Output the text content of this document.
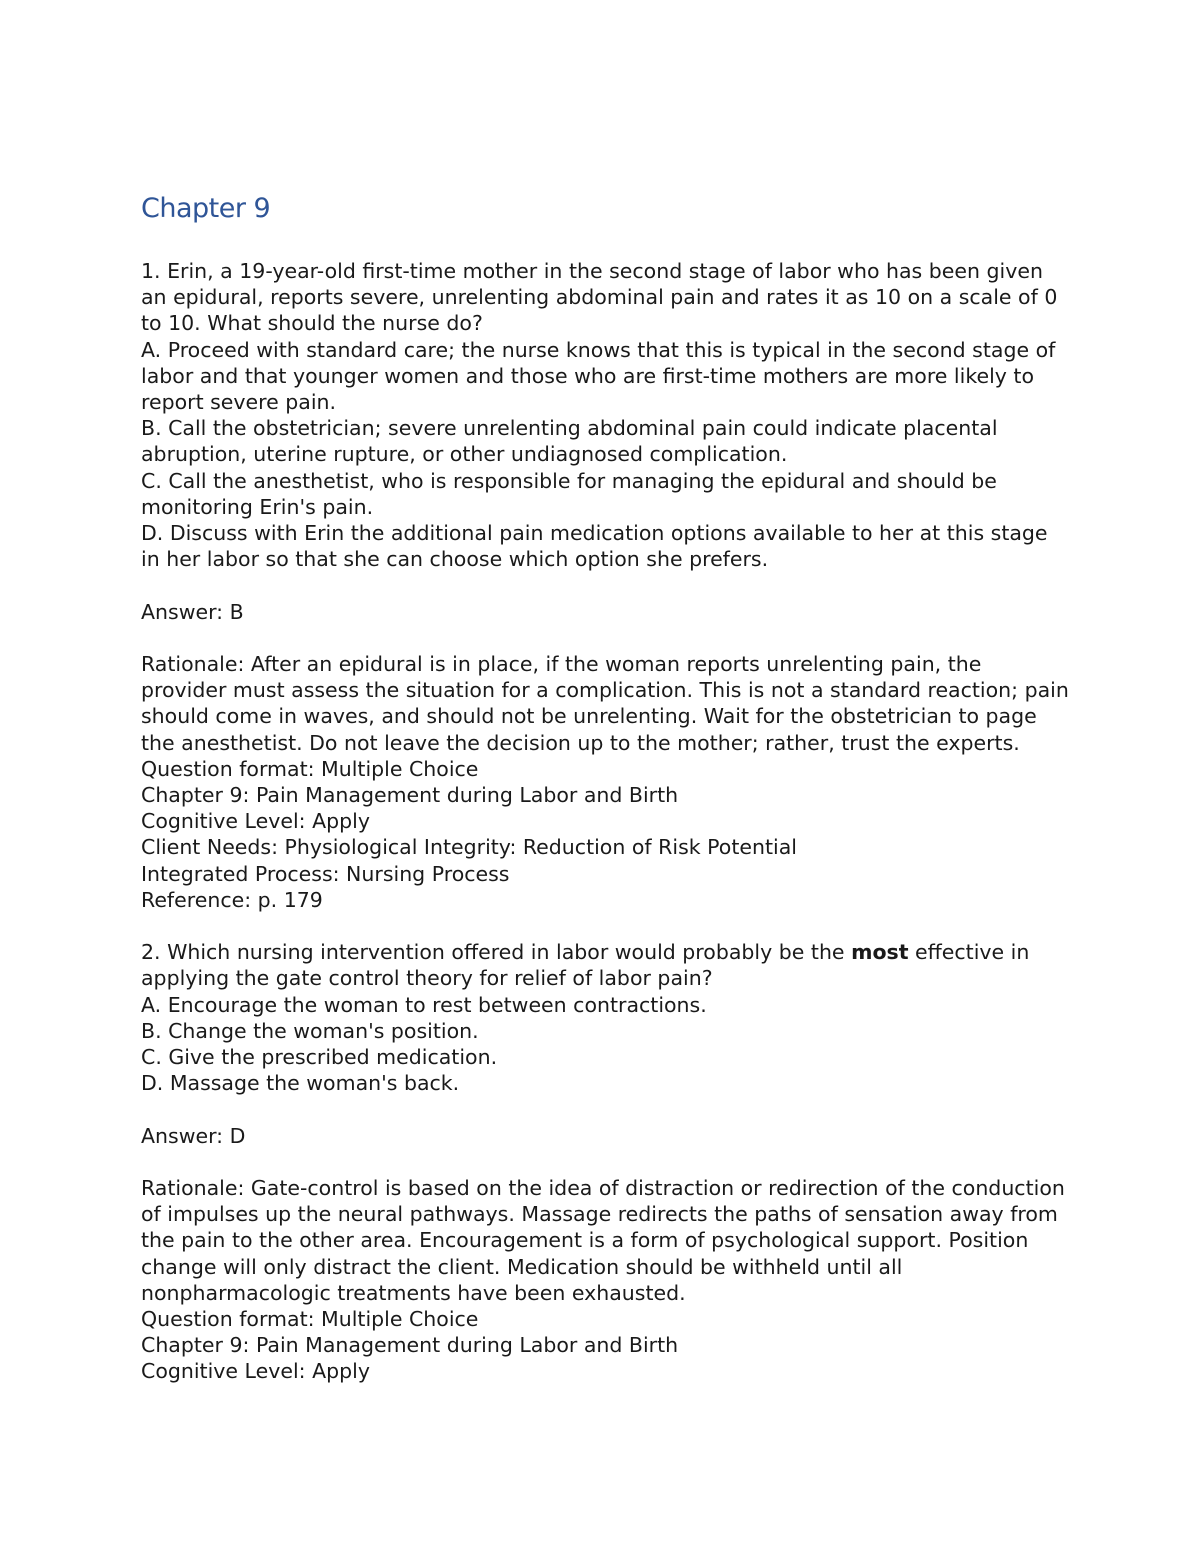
Chapter 9

1. Erin, a 19-year-old first-time mother in the second stage of labor who has been given an epidural, reports severe, unrelenting abdominal pain and rates it as 10 on a scale of 0 to 10. What should the nurse do?

A. Proceed with standard care; the nurse knows that this is typical in the second stage of labor and that younger women and those who are first-time mothers are more likely to report severe pain.

B. Call the obstetrician; severe unrelenting abdominal pain could indicate placental abruption, uterine rupture, or other undiagnosed complication.

C. Call the anesthetist, who is responsible for managing the epidural and should be monitoring Erin's pain.

D. Discuss with Erin the additional pain medication options available to her at this stage in her labor so that she can choose which option she prefers.

Answer: B

Rationale: After an epidural is in place, if the woman reports unrelenting pain, the provider must assess the situation for a complication. This is not a standard reaction; pain should come in waves, and should not be unrelenting. Wait for the obstetrician to page the anesthetist. Do not leave the decision up to the mother; rather, trust the experts.

Question format: Multiple Choice

Chapter 9: Pain Management during Labor and Birth

Cognitive Level: Apply

Client Needs: Physiological Integrity: Reduction of Risk Potential

Integrated Process: Nursing Process

Reference: p. 179

2. Which nursing intervention offered in labor would probably be the most effective in applying the gate control theory for relief of labor pain?

A. Encourage the woman to rest between contractions.

B. Change the woman's position.

C. Give the prescribed medication.

D. Massage the woman's back.

Answer: D

Rationale: Gate-control is based on the idea of distraction or redirection of the conduction of impulses up the neural pathways. Massage redirects the paths of sensation away from the pain to the other area. Encouragement is a form of psychological support. Position change will only distract the client. Medication should be withheld until all nonpharmacologic treatments have been exhausted.

Question format: Multiple Choice

Chapter 9: Pain Management during Labor and Birth

Cognitive Level: Apply
